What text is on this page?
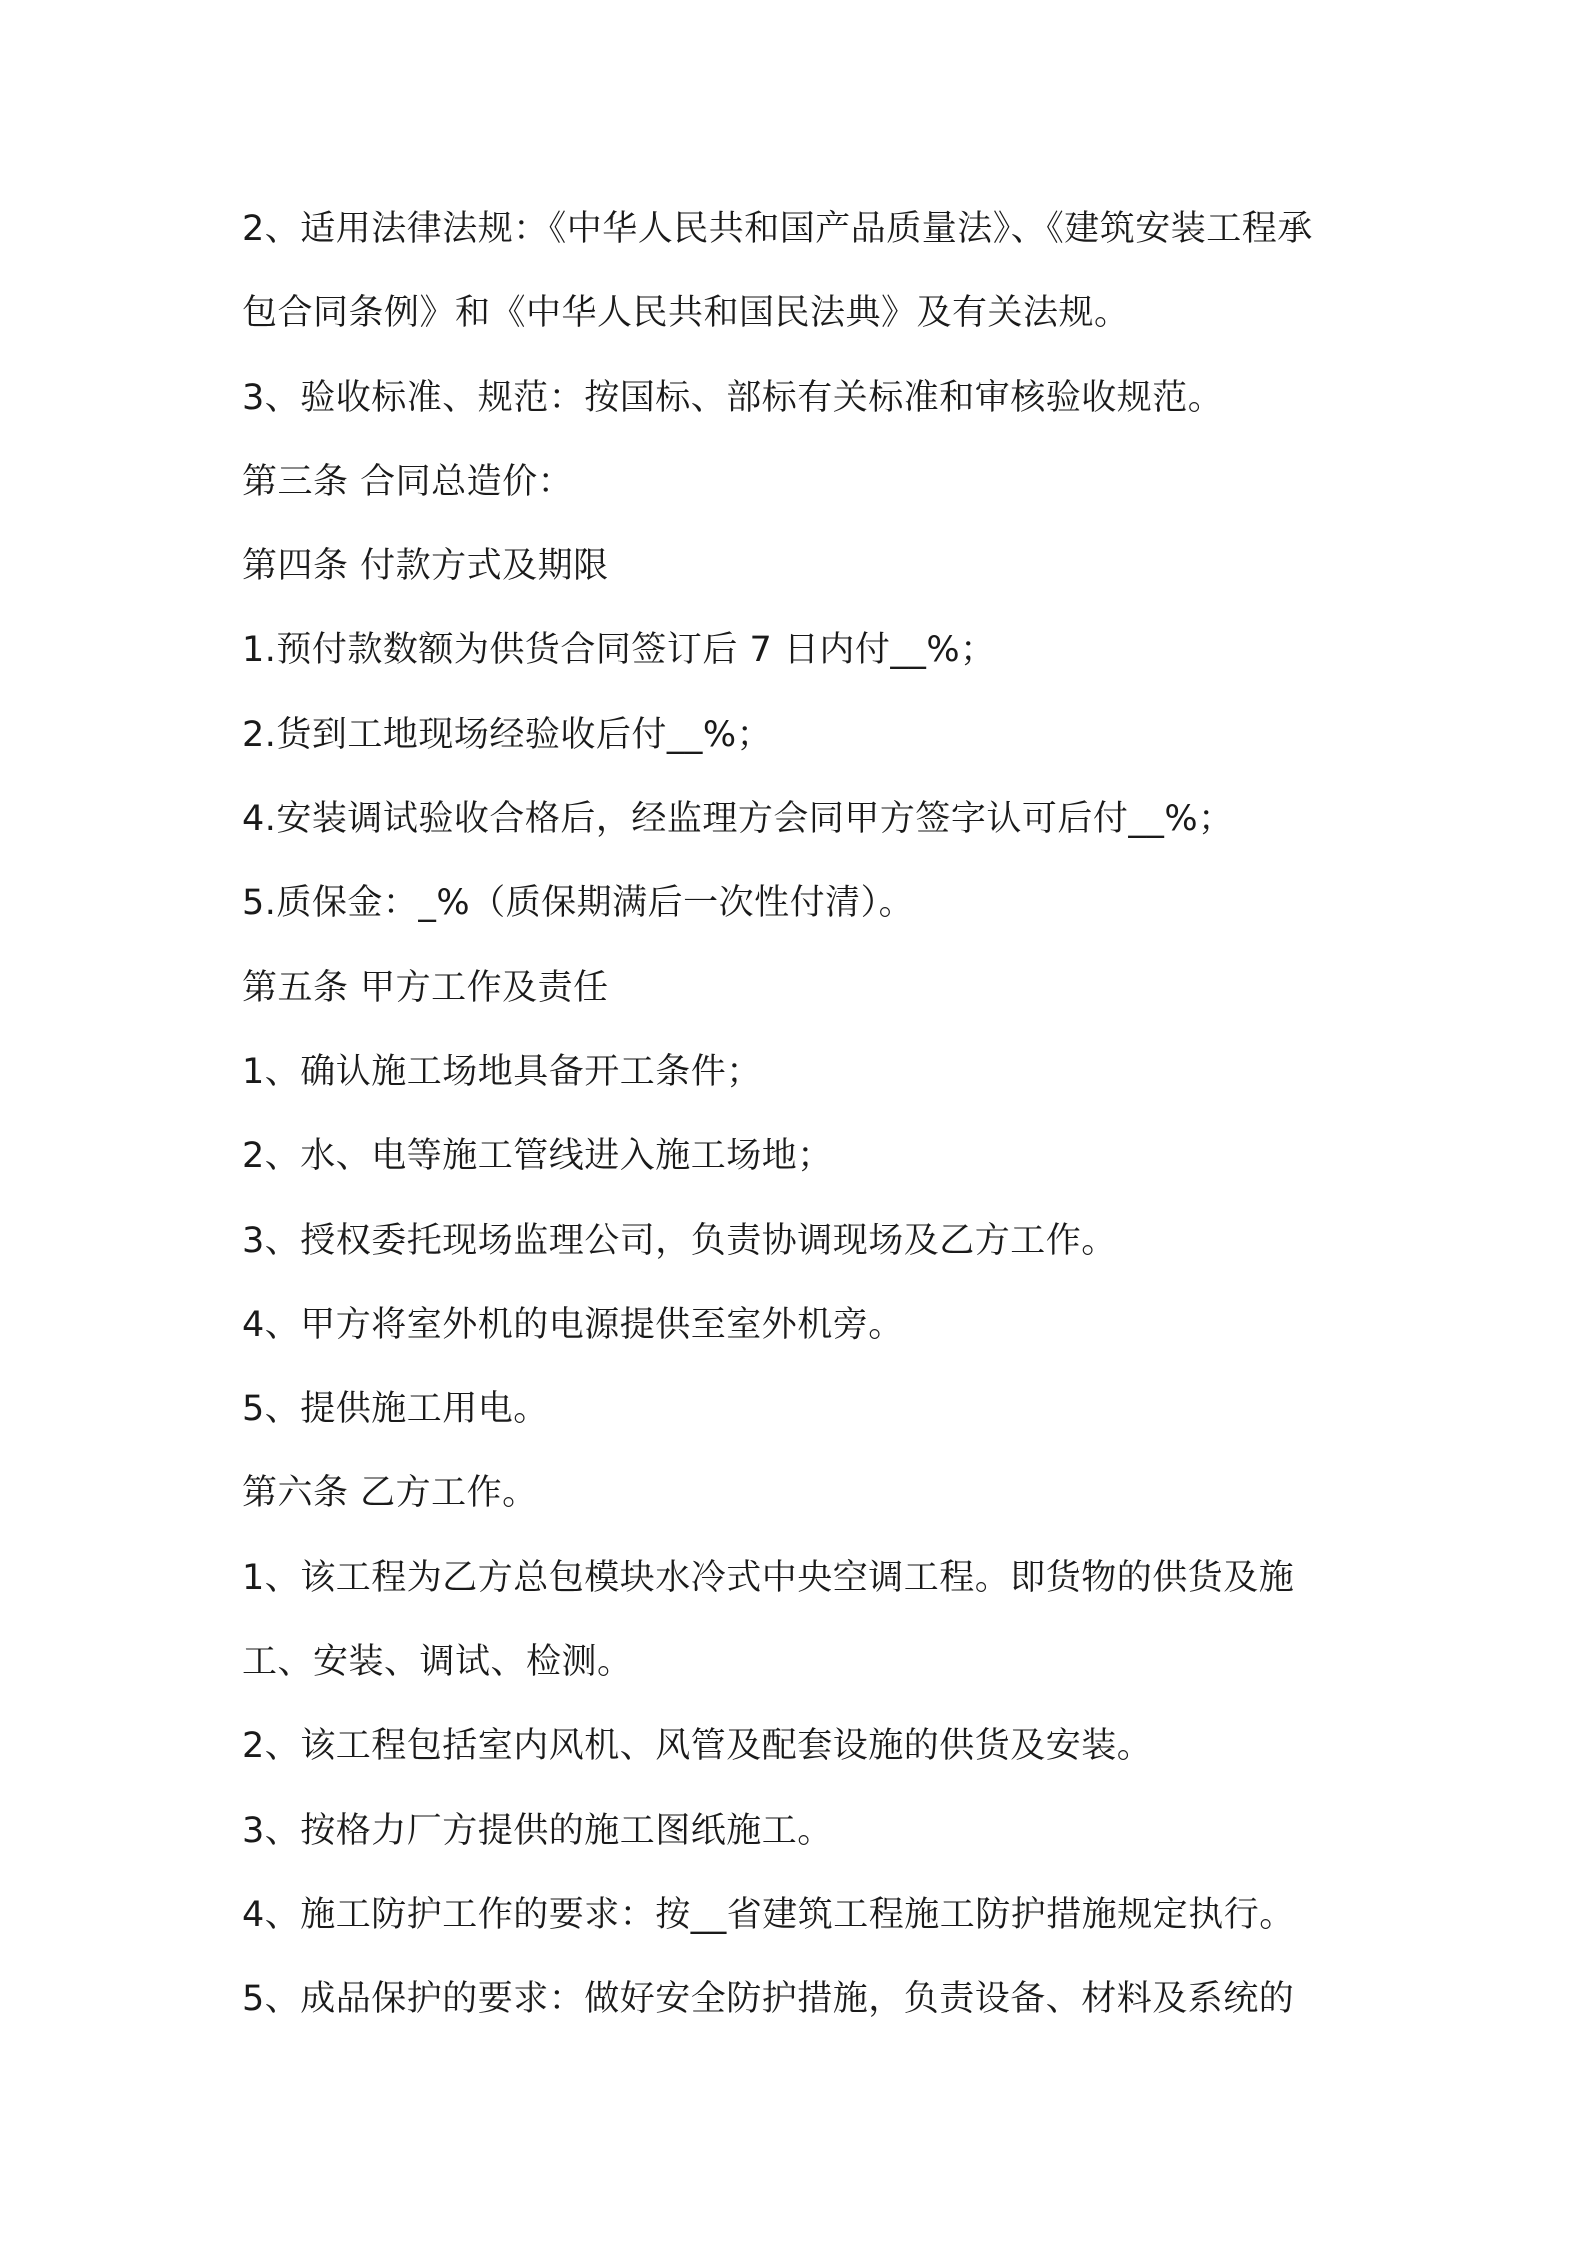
2、适用法律法规：《中华人民共和国产品质量法》、《建筑安装工程承
包合同条例》和《中华人民共和国民法典》及有关法规。
3、验收标准、规范：按国标、部标有关标准和审核验收规范。
第三条 合同总造价：
第四条 付款方式及期限
1.预付款数额为供货合同签订后 7 日内付__%；
2.货到工地现场经验收后付__%；
4.安装调试验收合格后，经监理方会同甲方签字认可后付__%；
5.质保金：_%（质保期满后一次性付清）。
第五条 甲方工作及责任
1、确认施工场地具备开工条件；
2、水、电等施工管线进入施工场地；
3、授权委托现场监理公司，负责协调现场及乙方工作。
4、甲方将室外机的电源提供至室外机旁。
5、提供施工用电。
第六条 乙方工作。
1、该工程为乙方总包模块水冷式中央空调工程。即货物的供货及施
工、安装、调试、检测。
2、该工程包括室内风机、风管及配套设施的供货及安装。
3、按格力厂方提供的施工图纸施工。
4、施工防护工作的要求：按__省建筑工程施工防护措施规定执行。
5、成品保护的要求：做好安全防护措施，负责设备、材料及系统的
